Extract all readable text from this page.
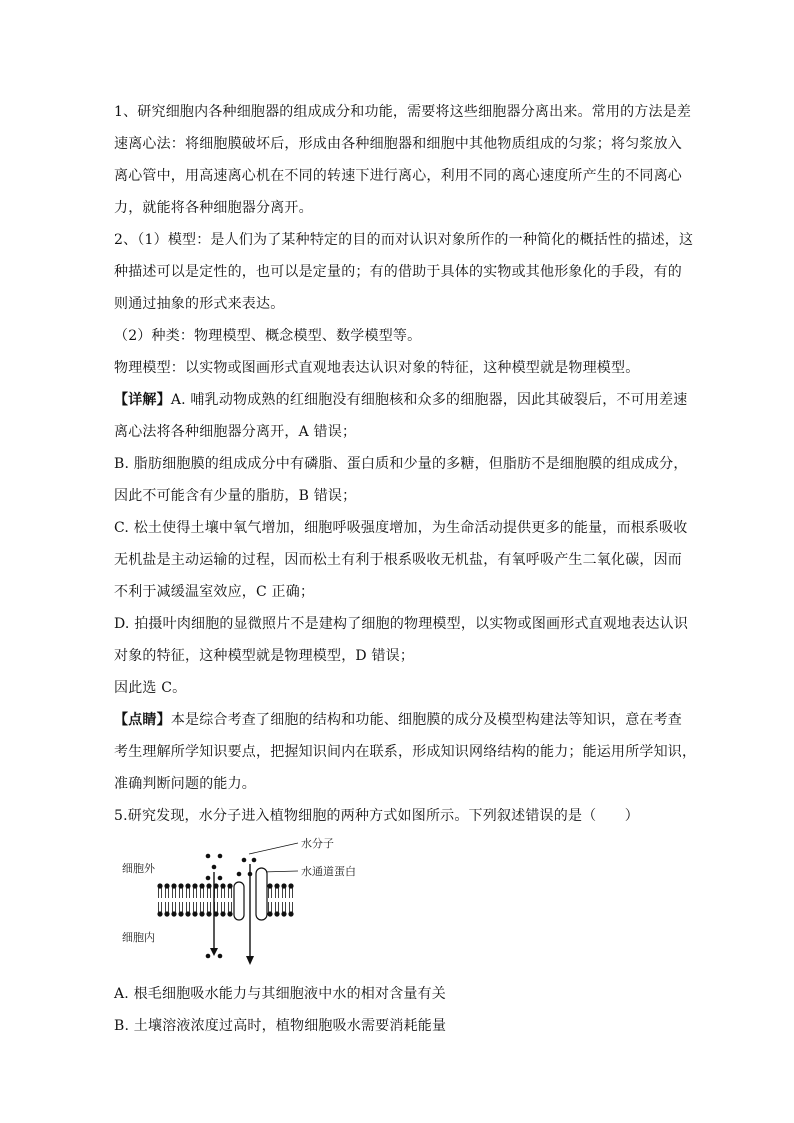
1、研究细胞内各种细胞器的组成成分和功能，需要将这些细胞器分离出来。常用的方法是差
速离心法：将细胞膜破坏后，形成由各种细胞器和细胞中其他物质组成的匀浆；将匀浆放入
离心管中，用高速离心机在不同的转速下进行离心，利用不同的离心速度所产生的不同离心
力，就能将各种细胞器分离开。
2、（1）模型：是人们为了某种特定的目的而对认识对象所作的一种简化的概括性的描述，这
种描述可以是定性的，也可以是定量的；有的借助于具体的实物或其他形象化的手段，有的
则通过抽象的形式来表达。
（2）种类：物理模型、概念模型、数学模型等。
物理模型：以实物或图画形式直观地表达认识对象的特征，这种模型就是物理模型。
【详解】A. 哺乳动物成熟的红细胞没有细胞核和众多的细胞器，因此其破裂后，不可用差速
离心法将各种细胞器分离开，A 错误；
B. 脂肪细胞膜的组成成分中有磷脂、蛋白质和少量的多糖，但脂肪不是细胞膜的组成成分，
因此不可能含有少量的脂肪，B 错误；
C. 松土使得土壤中氧气增加，细胞呼吸强度增加，为生命活动提供更多的能量，而根系吸收
无机盐是主动运输的过程，因而松土有利于根系吸收无机盐，有氧呼吸产生二氧化碳，因而
不利于减缓温室效应，C 正确；
D. 拍摄叶肉细胞的显微照片不是建构了细胞的物理模型，以实物或图画形式直观地表达认识
对象的特征，这种模型就是物理模型，D 错误；
因此选 C。
【点睛】本是综合考查了细胞的结构和功能、细胞膜的成分及模型构建法等知识，意在考查
考生理解所学知识要点，把握知识间内在联系，形成知识网络结构的能力；能运用所学知识，
准确判断问题的能力。
5.研究发现，水分子进入植物细胞的两种方式如图所示。下列叙述错误的是（　　）
细胞外
细胞内
水分子
水通道蛋白
A. 根毛细胞吸水能力与其细胞液中水的相对含量有关
B. 土壤溶液浓度过高时，植物细胞吸水需要消耗能量
